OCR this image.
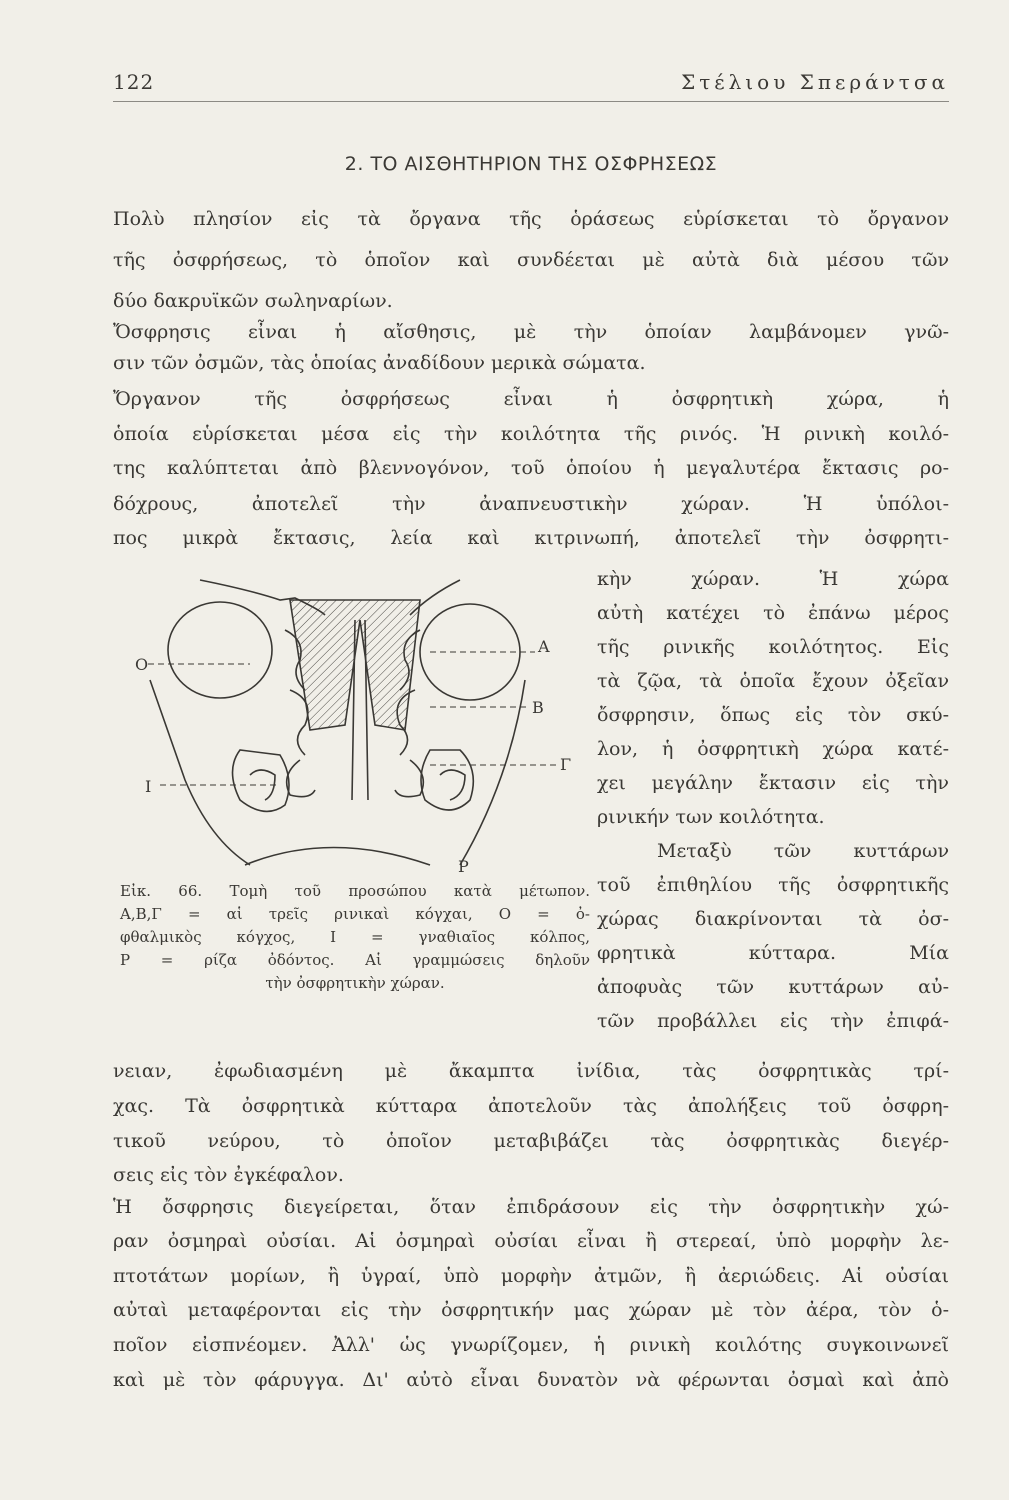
122	Στέλιου Σπεράντσα
2. ΤΟ ΑΙΣΘΗΤΗΡΙΟΝ ΤΗΣ ΟΣΦΡΗΣΕΩΣ
Πολὺ πλησίον εἰς τὰ ὄργανα τῆς ὁράσεως εὑρίσκεται τὸ ὄργανον
τῆς ὀσφρήσεως, τὸ ὁποῖον καὶ συνδέεται μὲ αὐτὰ διὰ μέσου τῶν
δύο δακρυϊκῶν σωληναρίων.
Ὄσφρησις εἶναι ἡ αἴσθησις, μὲ τὴν ὁποίαν λαμβάνομεν γνῶ-
σιν τῶν ὀσμῶν, τὰς ὁποίας ἀναδίδουν μερικὰ σώματα.
Ὄργανον τῆς ὀσφρήσεως εἶναι ἡ ὀσφρητικὴ χώρα, ἡ
ὁποία εὑρίσκεται μέσα εἰς τὴν κοιλότητα τῆς ρινός. Ἡ ρινικὴ κοιλό-
της καλύπτεται ἀπὸ βλεννογόνον, τοῦ ὁποίου ἡ μεγαλυτέρα ἔκτασις ρο-
δόχρους, ἀποτελεῖ τὴν ἀναπνευστικὴν χώραν. Ἡ ὑπόλοι-
πος μικρὰ ἔκτασις, λεία καὶ κιτρινωπή, ἀποτελεῖ τὴν ὀσφρητι-
O
A
B
Γ
I
P
Εἰκ. 66. Τομὴ τοῦ προσώπου κατὰ μέτωπον.
Α,Β,Γ = αἱ τρεῖς ρινικαὶ κόγχαι, Ο = ὀ-
φθαλμικὸς κόγχος, Ι = γναθιαῖος κόλπος,
Ρ = ρίζα ὀδόντος. Αἱ γραμμώσεις δηλοῦν
τὴν ὀσφρητικὴν χώραν.
κὴν χώραν. Ἡ χώρα
αὐτὴ κατέχει τὸ ἐπάνω μέρος
τῆς ρινικῆς κοιλότητος. Εἰς
τὰ ζῷα, τὰ ὁποῖα ἔχουν ὀξεῖαν
ὄσφρησιν, ὅπως εἰς τὸν σκύ-
λον, ἡ ὀσφρητικὴ χώρα κατέ-
χει μεγάλην ἔκτασιν εἰς τὴν
ρινικήν των κοιλότητα.
Μεταξὺ τῶν κυττάρων
τοῦ ἐπιθηλίου τῆς ὀσφρητικῆς
χώρας διακρίνονται τὰ ὀσ-
φρητικὰ κύτταρα. Μία
ἀποφυὰς τῶν κυττάρων αὐ-
τῶν προβάλλει εἰς τὴν ἐπιφά-
νειαν, ἐφωδιασμένη μὲ ἄκαμπτα ἰνίδια, τὰς ὀσφρητικὰς τρί-
χας. Τὰ ὀσφρητικὰ κύτταρα ἀποτελοῦν τὰς ἀπολήξεις τοῦ ὀσφρη-
τικοῦ νεύρου, τὸ ὁποῖον μεταβιβάζει τὰς ὀσφρητικὰς διεγέρ-
σεις εἰς τὸν ἐγκέφαλον.
Ἡ ὄσφρησις διεγείρεται, ὅταν ἐπιδράσουν εἰς τὴν ὀσφρητικὴν χώ-
ραν ὀσμηραὶ οὐσίαι. Αἱ ὀσμηραὶ οὐσίαι εἶναι ἢ στερεαί, ὑπὸ μορφὴν λε-
πτοτάτων μορίων, ἢ ὑγραί, ὑπὸ μορφὴν ἀτμῶν, ἢ ἀεριώδεις. Αἱ οὐσίαι
αὐταὶ μεταφέρονται εἰς τὴν ὀσφρητικήν μας χώραν μὲ τὸν ἀέρα, τὸν ὁ-
ποῖον εἰσπνέομεν. Ἀλλ' ὡς γνωρίζομεν, ἡ ρινικὴ κοιλότης συγκοινωνεῖ
καὶ μὲ τὸν φάρυγγα. Δι' αὐτὸ εἶναι δυνατὸν νὰ φέρωνται ὀσμαὶ καὶ ἀπὸ
